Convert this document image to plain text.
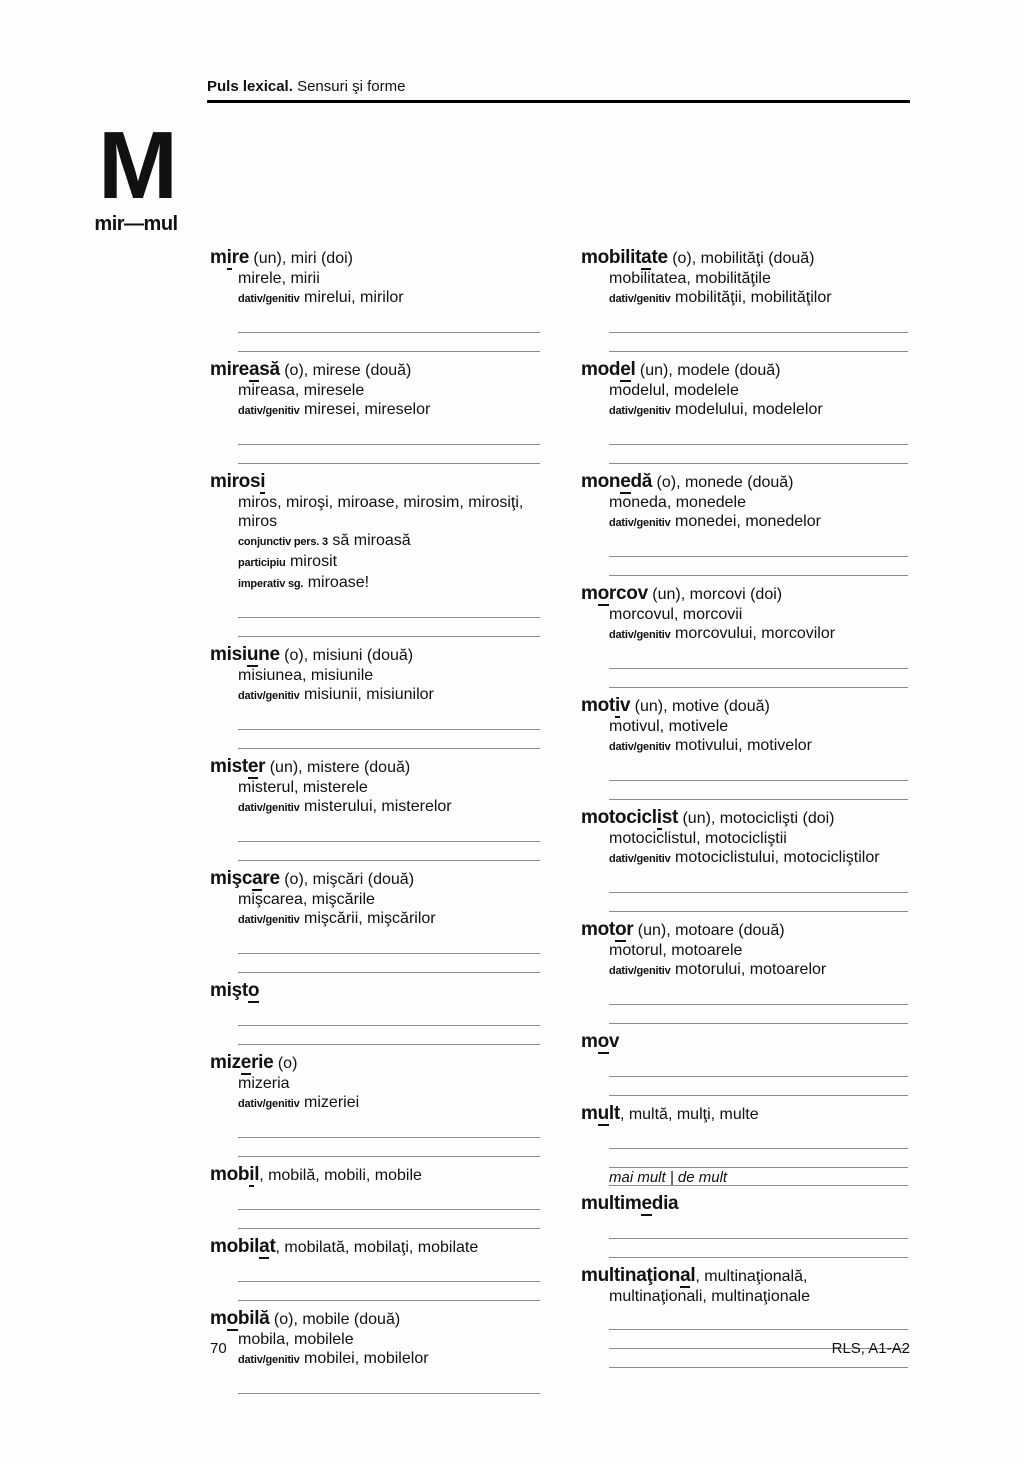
Puls lexical. Sensuri şi forme
M
mir—mul
mire (un), miri (doi)
mirele, mirii
dativ/genitiv mirelui, mirilor
mireasă (o), mirese (două)
mireasa, miresele
dativ/genitiv miresei, mireselor
mirosi
miros, miroşi, miroase, mirosim, mirosiţi, miros
conjunctiv pers. 3 să miroasă
participiu mirosit
imperativ sg. miroase!
misiune (o), misiuni (două)
misiunea, misiunile
dativ/genitiv misiunii, misiunilor
mister (un), mistere (două)
misterul, misterele
dativ/genitiv misterului, misterelor
mişcare (o), mişcări (două)
mişcarea, mişcările
dativ/genitiv mişcării, mişcărilor
mişto
mizerie (o)
mizeria
dativ/genitiv mizeriei
mobil, mobilă, mobili, mobile
mobilat, mobilată, mobilaţi, mobilate
mobilă (o), mobile (două)
mobila, mobilele
dativ/genitiv mobilei, mobilelor
mobilitate (o), mobilităţi (două)
mobilitatea, mobilităţile
dativ/genitiv mobilităţii, mobilităţilor
model (un), modele (două)
modelul, modelele
dativ/genitiv modelului, modelelor
monedă (o), monede (două)
moneda, monedele
dativ/genitiv monedei, monedelor
morcov (un), morcovi (doi)
morcovul, morcovii
dativ/genitiv morcovului, morcovilor
motiv (un), motive (două)
motivul, motivele
dativ/genitiv motivului, motivelor
motociclist (un), motociclişti (doi)
motociclistul, motocicliştii
dativ/genitiv motociclistului, motocicliştilor
motor (un), motoare (două)
motorul, motoarele
dativ/genitiv motorului, motoarelor
mov
mult, multă, mulţi, multe
mai mult | de mult
multimedia
multinaţional, multinaţională,
multinaţionali, multinaţionale
70	RLS, A1-A2
